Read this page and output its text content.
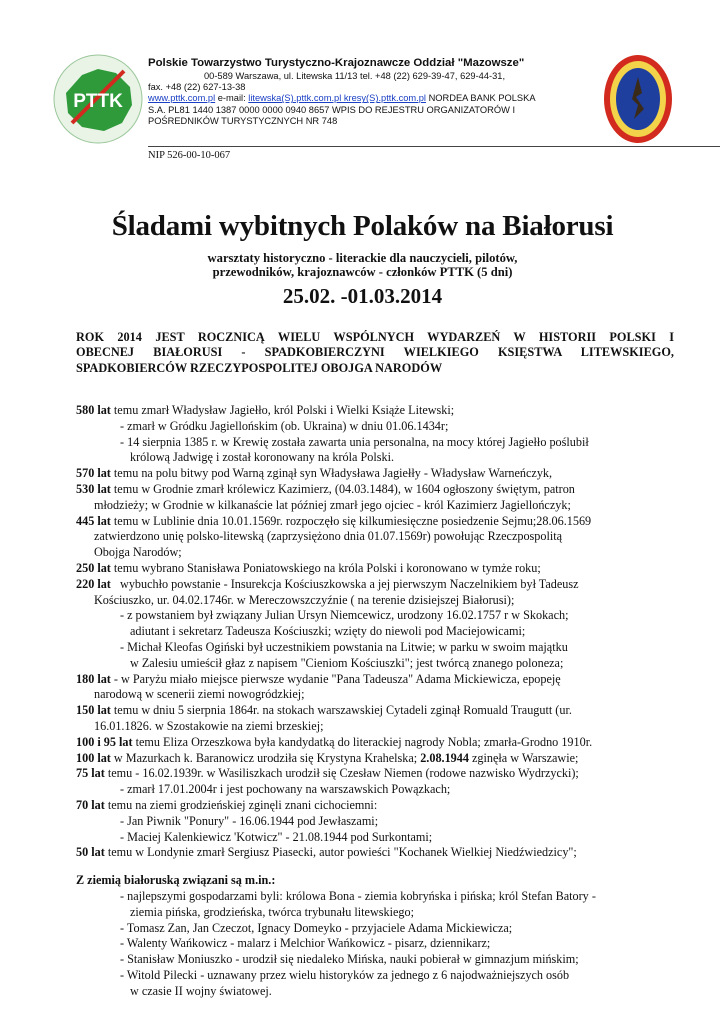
PTTK
Polskie Towarzystwo Turystyczno-Krajoznawcze Oddział "Mazowsze"
00-589 Warszawa, ul. Litewska 11/13 tel. +48 (22) 629-39-47, 629-44-31,
fax. +48 (22) 627-13-38
www.pttk.com.pl e-mail: litewska(S).pttk.com.pl kresy(S).pttk.com.pl NORDEA BANK POLSKA
S.A. PL81 1440 1387 0000 0000 0940 8657 WPIS DO REJESTRU ORGANIZATORÓW I
POŚREDNIKÓW TURYSTYCZNYCH NR 748
NIP 526-00-10-067
Śladami wybitnych Polaków na Białorusi
warsztaty historyczno - literackie dla nauczycieli, pilotów, przewodników, krajoznawców - członków PTTK (5 dni)
25.02. -01.03.2014
ROK 2014 JEST ROCZNICĄ WIELU WSPÓLNYCH WYDARZEŃ W HISTORII POLSKI I
OBECNEJ BIAŁORUSI - SPADKOBIERCZYNI WIELKIEGO KSIĘSTWA LITEWSKIEGO,
SPADKOBIERCÓW RZECZYPOSPOLITEJ OBOJGA NARODÓW
580 lat temu zmarł Władysław Jagiełło, król Polski i Wielki Książe Litewski;
- zmarł w Gródku Jagiellońskim (ob. Ukraina) w dniu 01.06.1434r;
- 14 sierpnia 1385 r. w Krewię została zawarta unia personalna, na mocy której Jagiełło poślubił
królową Jadwigę i został koronowany na króla Polski.
570 lat temu na polu bitwy pod Warną zginął syn Władysława Jagiełły - Władysław Warneńczyk,
530 lat temu w Grodnie zmarł królewicz Kazimierz, (04.03.1484), w 1604 ogłoszony świętym, patron
młodzieży; w Grodnie w kilkanaście lat później zmarł jego ojciec - król Kazimierz Jagiellończyk;
445 lat temu w Lublinie dnia 10.01.1569r. rozpoczęło się kilkumiesięczne posiedzenie Sejmu;28.06.1569
zatwierdzono unię polsko-litewską (zaprzysiężono dnia 01.07.1569r) powołując Rzeczpospolitą
Obojga Narodów;
250 lat temu wybrano Stanisława Poniatowskiego na króla Polski i koronowano w tymże roku;
220 lat   wybuchło powstanie - Insurekcja Kościuszkowska a jej pierwszym Naczelnikiem był Tadeusz
Kościuszko, ur. 04.02.1746r. w Mereczowszczyźnie ( na terenie dzisiejszej Białorusi);
- z powstaniem był związany Julian Ursyn Niemcewicz, urodzony 16.02.1757 r w Skokach;
adiutant i sekretarz Tadeusza Kościuszki; wzięty do niewoli pod Maciejowicami;
- Michał Kleofas Ogiński był uczestnikiem powstania na Litwie; w parku w swoim majątku
w Zalesiu umieścił głaz z napisem "Cieniom Kościuszki"; jest twórcą znanego poloneza;
180 lat - w Paryżu miało miejsce pierwsze wydanie "Pana Tadeusza" Adama Mickiewicza, epopeję
narodową w scenerii ziemi nowogródzkiej;
150 lat temu w dniu 5 sierpnia 1864r. na stokach warszawskiej Cytadeli zginął Romuald Traugutt (ur.
16.01.1826. w Szostakowie na ziemi brzeskiej;
100 i 95 lat temu Eliza Orzeszkowa była kandydatką do literackiej nagrody Nobla; zmarła-Grodno 1910r.
100 lat w Mazurkach k. Baranowicz urodziła się Krystyna Krahelska; 2.08.1944 zginęła w Warszawie;
75 lat temu - 16.02.1939r. w Wasiliszkach urodził się Czesław Niemen (rodowe nazwisko Wydrzycki);
- zmarł 17.01.2004r i jest pochowany na warszawskich Powązkach;
70 lat temu na ziemi grodzieńskiej zginęli znani cichociemni:
- Jan Piwnik "Ponury" - 16.06.1944 pod Jewłaszami;
- Maciej Kalenkiewicz 'Kotwicz" - 21.08.1944 pod Surkontami;
50 lat temu w Londynie zmarł Sergiusz Piasecki, autor powieści "Kochanek Wielkiej Niedźwiedzicy";
Z ziemią białoruską związani są m.in.:
- najlepszymi gospodarzami byli: królowa Bona - ziemia kobryńska i pińska; król Stefan Batory -
ziemia pińska, grodzieńska, twórca trybunału litewskiego;
- Tomasz Zan, Jan Czeczot, Ignacy Domeyko - przyjaciele Adama Mickiewicza;
- Walenty Wańkowicz - malarz i Melchior Wańkowicz - pisarz, dziennikarz;
- Stanisław Moniuszko - urodził się niedaleko Mińska, nauki pobierał w gimnazjum mińskim;
- Witold Pilecki - uznawany przez wielu historyków za jednego z 6 najodważniejszych osób
w czasie II wojny światowej.
